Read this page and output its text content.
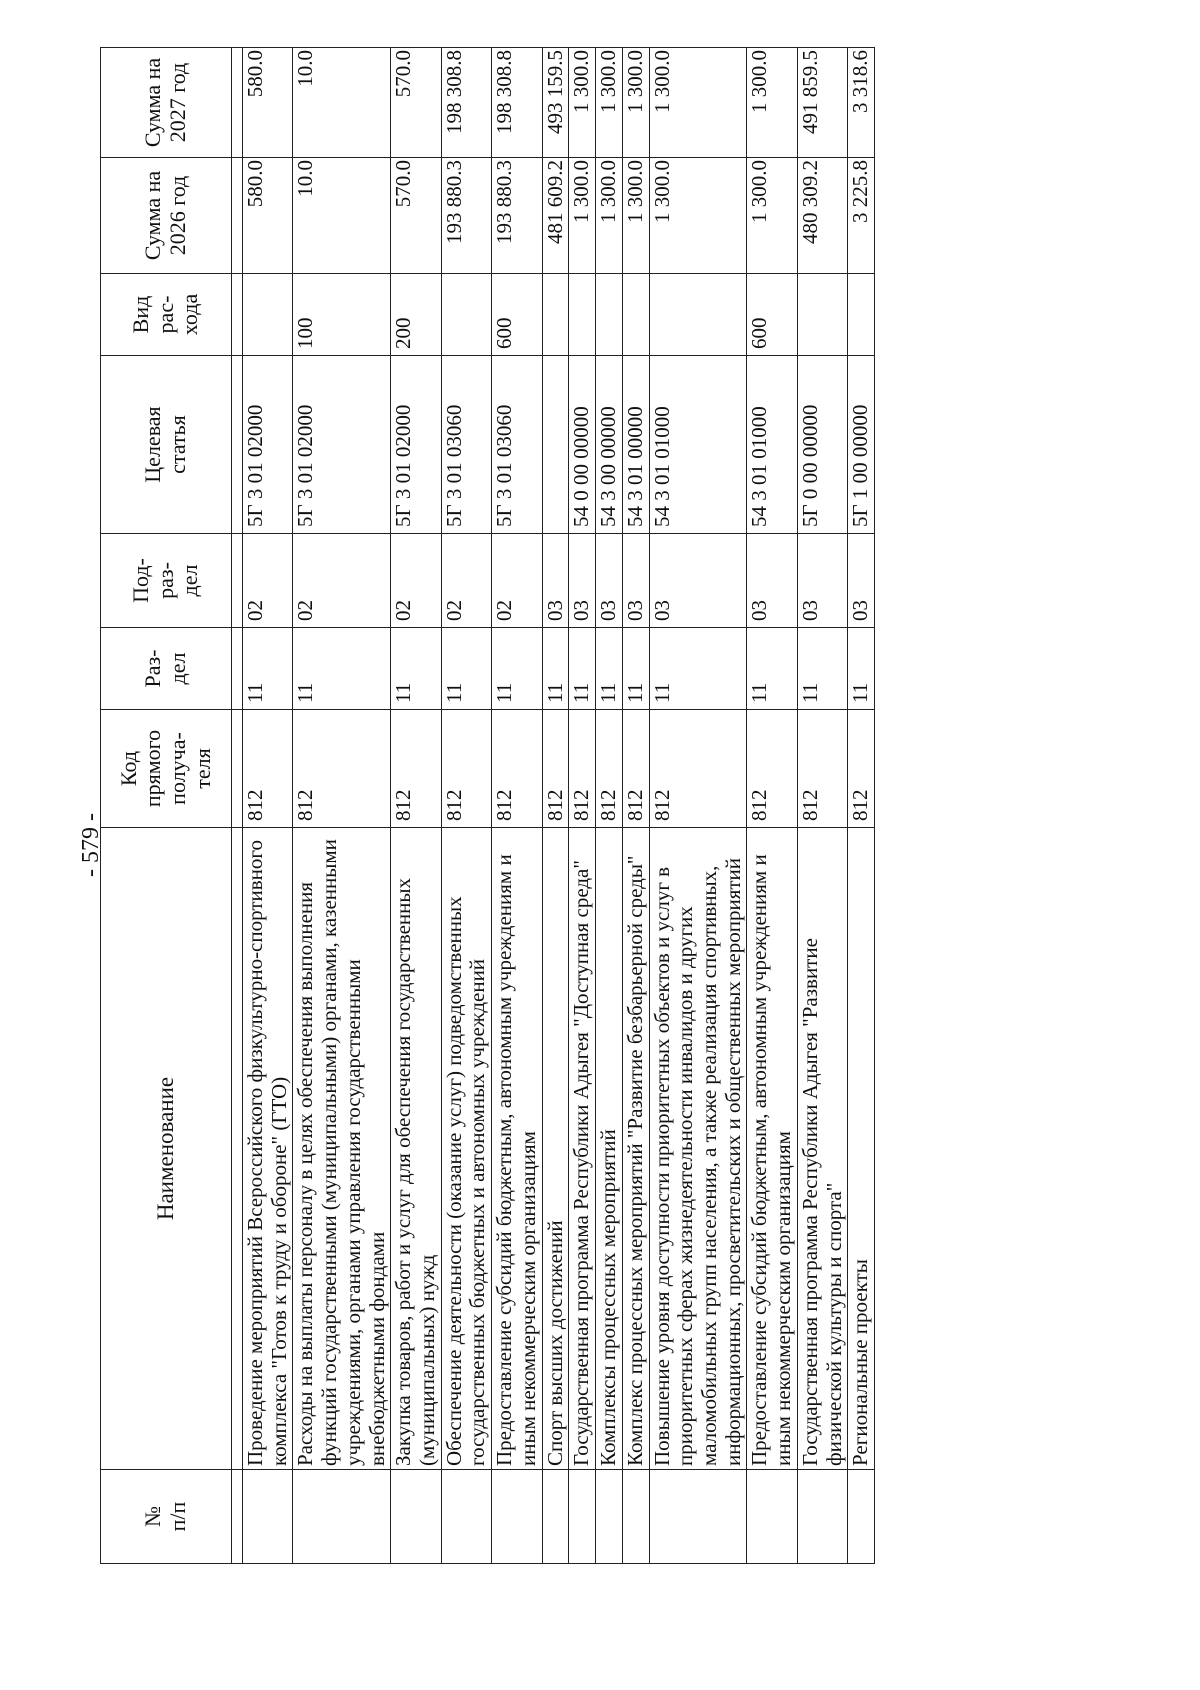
- 579 -
№
п/п	Наименование	Код
прямого
получа-
теля	Раз-
дел	Под-
раз-
дел	Целевая
статья	Вид
рас-
хода	Сумма на
2026 год	Сумма на
2027 год

	Проведение мероприятий Всероссийского физкультурно-спортивного комплекса "Готов к труду и обороне" (ГТО)	812	11	02	5Г 3 01 02000		580.0	580.0
	Расходы на выплаты персоналу в целях обеспечения выполнения функций государственными (муниципальными) органами, казенными учреждениями, органами управления государственными внебюджетными фондами	812	11	02	5Г 3 01 02000	100	10.0	10.0
	Закупка товаров, работ и услуг для обеспечения государственных (муниципальных) нужд	812	11	02	5Г 3 01 02000	200	570.0	570.0
	Обеспечение деятельности (оказание услуг) подведомственных государственных бюджетных и автономных учреждений	812	11	02	5Г 3 01 03060		193 880.3	198 308.8
	Предоставление субсидий бюджетным, автономным учреждениям и иным некоммерческим организациям	812	11	02	5Г 3 01 03060	600	193 880.3	198 308.8
	Спорт высших достижений	812	11	03			481 609.2	493 159.5
	Государственная программа Республики Адыгея "Доступная среда"	812	11	03	54 0 00 00000		1 300.0	1 300.0
	Комплексы процессных мероприятий	812	11	03	54 3 00 00000		1 300.0	1 300.0
	Комплекс процессных мероприятий "Развитие безбарьерной среды"	812	11	03	54 3 01 00000		1 300.0	1 300.0
	Повышение уровня доступности приоритетных объектов и услуг в приоритетных сферах жизнедеятельности инвалидов и других маломобильных групп населения, а также реализация спортивных, информационных, просветительских и общественных мероприятий	812	11	03	54 3 01 01000		1 300.0	1 300.0
	Предоставление субсидий бюджетным, автономным учреждениям и иным некоммерческим организациям	812	11	03	54 3 01 01000	600	1 300.0	1 300.0
	Государственная программа Республики Адыгея "Развитие физической культуры и спорта"	812	11	03	5Г 0 00 00000		480 309.2	491 859.5
	Региональные проекты	812	11	03	5Г 1 00 00000		3 225.8	3 318.6
